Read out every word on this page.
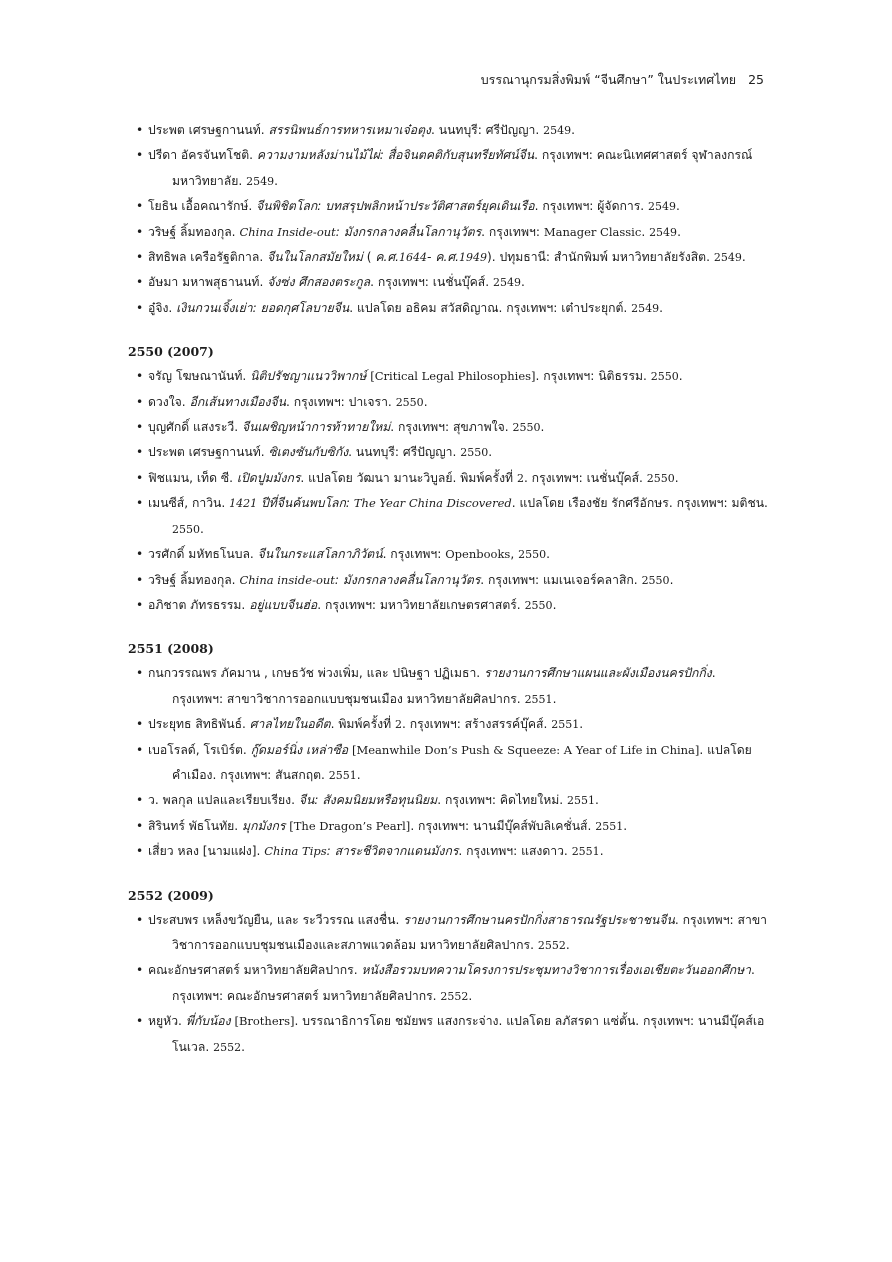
บรรณานุกรมสิ่งพิมพ์ “จีนศึกษา” ในประเทศไทย 25
• ประพต เศรษฐกานนท์. สรรนิพนธ์การทหารเหมาเจ๋อตุง. นนทบุรี: ศรีปัญญา. 2549.
• ปรีดา อัครจันทโชติ. ความงามหลังม่านไม้ไผ่: สื่อจินตคติกับสุนทรียทัศน์จีน. กรุงเทพฯ: คณะนิเทศศาสตร์ จุฬาลงกรณ์มหาวิทยาลัย. 2549.
• โยธิน เอื้อคณารักษ์. จีนพิชิตโลก: บทสรุปพลิกหน้าประวัติศาสตร์ยุคเดินเรือ. กรุงเทพฯ: ผู้จัดการ. 2549.
• วริษฐ์ ลิ้มทองกุล. China Inside-out: มังกรกลางคลื่นโลกานุวัตร. กรุงเทพฯ: Manager Classic. 2549.
• สิทธิพล เครือรัฐติกาล. จีนในโลกสมัยใหม่ ( ค.ศ.1644- ค.ศ.1949). ปทุมธานี: สำนักพิมพ์ มหาวิทยาลัยรังสิต. 2549.
• อัษมา มหาพสุธานนท์. จังซ่ง ศึกสองตระกูล. กรุงเทพฯ: เนชั่นบุ๊คส์. 2549.
• อู๋จิง. เงินกวนเจิ้งเย่า: ยอดกุศโลบายจีน. แปลโดย อธิคม สวัสดิญาณ. กรุงเทพฯ: เต๋าประยุกต์. 2549.
2550 (2007)
• จรัญ โฆษณานันท์. นิติปรัชญาแนววิพากษ์ [Critical Legal Philosophies]. กรุงเทพฯ: นิติธรรม. 2550.
• ดวงใจ. อีกเส้นทางเมืองจีน. กรุงเทพฯ: ปาเจรา. 2550.
• บุญศักดิ์ แสงระวี. จีนเผชิญหน้าการท้าทายใหม่. กรุงเทพฯ: สุขภาพใจ. 2550.
• ประพต เศรษฐกานนท์. ซิเตงซันกับซิกัง. นนทบุรี: ศรีปัญญา. 2550.
• ฟิชแมน, เท็ด ซี. เปิดปูมมังกร. แปลโดย วัฒนา มานะวิบูลย์. พิมพ์ครั้งที่ 2. กรุงเทพฯ: เนชั่นบุ๊คส์. 2550.
• เมนซีส์, กาวิน. 1421 ปีที่จีนค้นพบโลก: The Year China Discovered. แปลโดย เรืองชัย รักศรีอักษร. กรุงเทพฯ: มติชน. 2550.
• วรศักดิ์ มหัทธโนบล. จีนในกระแสโลกาภิวัตน์. กรุงเทพฯ: Openbooks, 2550.
• วริษฐ์ ลิ้มทองกุล. China inside-out: มังกรกลางคลื่นโลกานุวัตร. กรุงเทพฯ: แมเนเจอร์คลาสิก. 2550.
• อภิชาต ภัทรธรรม. อยู่แบบจีนฮ่อ. กรุงเทพฯ: มหาวิทยาลัยเกษตรศาสตร์. 2550.
2551 (2008)
• กนกวรรณพร ภัคมาน , เกษธวัช พ่วงเพิ่ม, และ ปนิษฐา ปฏิเมธา. รายงานการศึกษาแผนและผังเมืองนครปักกิ่ง. กรุงเทพฯ: สาขาวิชาการออกแบบชุมชนเมือง มหาวิทยาลัยศิลปากร. 2551.
• ประยุทธ สิทธิพันธ์. ศาลไทยในอดีต. พิมพ์ครั้งที่ 2. กรุงเทพฯ: สร้างสรรค์บุ๊คส์. 2551.
• เบอโรลด์, โรเบิร์ต. กู๊ดมอร์นิ่ง เหล่าซือ [Meanwhile Don’s Push & Squeeze: A Year of Life in China]. แปลโดย คำเมือง. กรุงเทพฯ: สันสกฤต. 2551.
• ว. พลกุล แปลและเรียบเรียง. จีน: สังคมนิยมหรือทุนนิยม. กรุงเทพฯ: คิดไทยใหม่. 2551.
• สิรินทร์ พัธโนทัย. มุกมังกร [The Dragon’s Pearl]. กรุงเทพฯ: นานมีบุ๊คส์พับลิเคชั่นส์. 2551.
• เสี่ยว หลง [นามแฝง]. China Tips: สาระชีวิตจากแดนมังกร. กรุงเทพฯ: แสงดาว. 2551.
2552 (2009)
• ประสบพร เหล็งขวัญยืน, และ ระวีวรรณ แสงชื่น. รายงานการศึกษานครปักกิ่งสาธารณรัฐประชาชนจีน. กรุงเทพฯ: สาขาวิชาการออกแบบชุมชนเมืองและสภาพแวดล้อม มหาวิทยาลัยศิลปากร. 2552.
• คณะอักษรศาสตร์ มหาวิทยาลัยศิลปากร. หนังสือรวมบทความโครงการประชุมทางวิชาการเรื่องเอเชียตะวันออกศึกษา. กรุงเทพฯ: คณะอักษรศาสตร์ มหาวิทยาลัยศิลปากร. 2552.
• หยูหัว. พี่กับน้อง [Brothers]. บรรณาธิการโดย ชมัยพร แสงกระจ่าง. แปลโดย ลภัสรดา แซ่ตั้น. กรุงเทพฯ: นานมีบุ๊คส์เอโนเวล. 2552.
